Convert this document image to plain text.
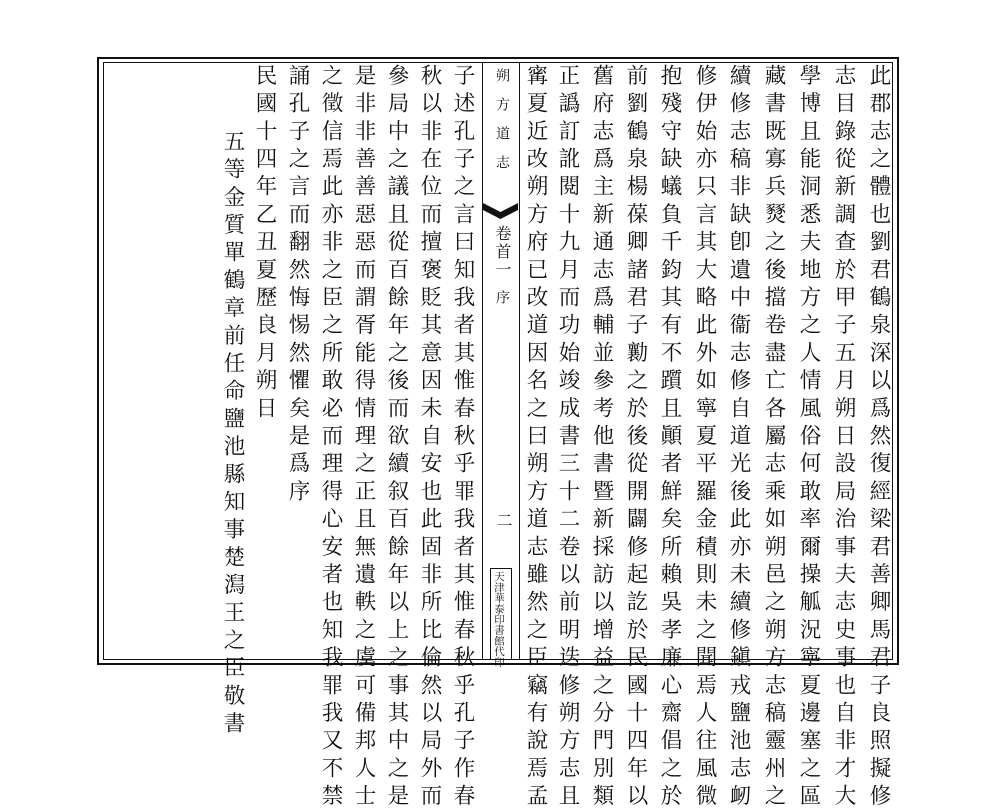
此郡志之體也劉君鶴泉深以爲然復經梁君善卿馬君子良照擬修
志目錄從新調查於甲子五月朔日設局治事夫志史事也自非才大
學博且能洞悉夫地方之人情風俗何敢率爾操觚況寧夏邊塞之區
藏書既寡兵燹之後擋卷盡亡各屬志乘如朔邑之朔方志稿靈州之
續修志稿非缺卽遺中衞志修自道光後此亦未續修鎭戎鹽池志衂
修伊始亦只言其大略此外如寧夏平羅金積則未之聞焉人往風微
抱殘守缺蟻負千鈞其有不躓且顚者鮮矣所賴吳孝廉心齋倡之於
前劉鶴泉楊葆卿諸君子勷之於後從開闢修起訖於民國十四年以
舊府志爲主新通志爲輔並參考他書暨新採訪以增益之分門別類
正譌訂訛閱十九月而功始竣成書三十二卷以前明迭修朔方志且
寗夏近改朔方府已改道因名之曰朔方道志雖然之臣竊有說焉孟
朔方道志
卷首一
序
二
天津華泰印書館代印
子述孔子之言曰知我者其惟春秋乎罪我者其惟春秋乎孔子作春
秋以非在位而擅褒貶其意因未自安也此固非所比倫然以局外而
參局中之議且從百餘年之後而欲續叙百餘年以上之事其中之是
是非非善善惡惡而謂胥能得情理之正且無遺軼之虞可備邦人士
之徵信焉此亦非之臣之所敢必而理得心安者也知我罪我又不禁
誦孔子之言而翻然悔惕然懼矣是爲序
民國十四年乙丑夏歷良月朔日
五等金質單鶴章前任命鹽池縣知事楚澙王之臣敬書
